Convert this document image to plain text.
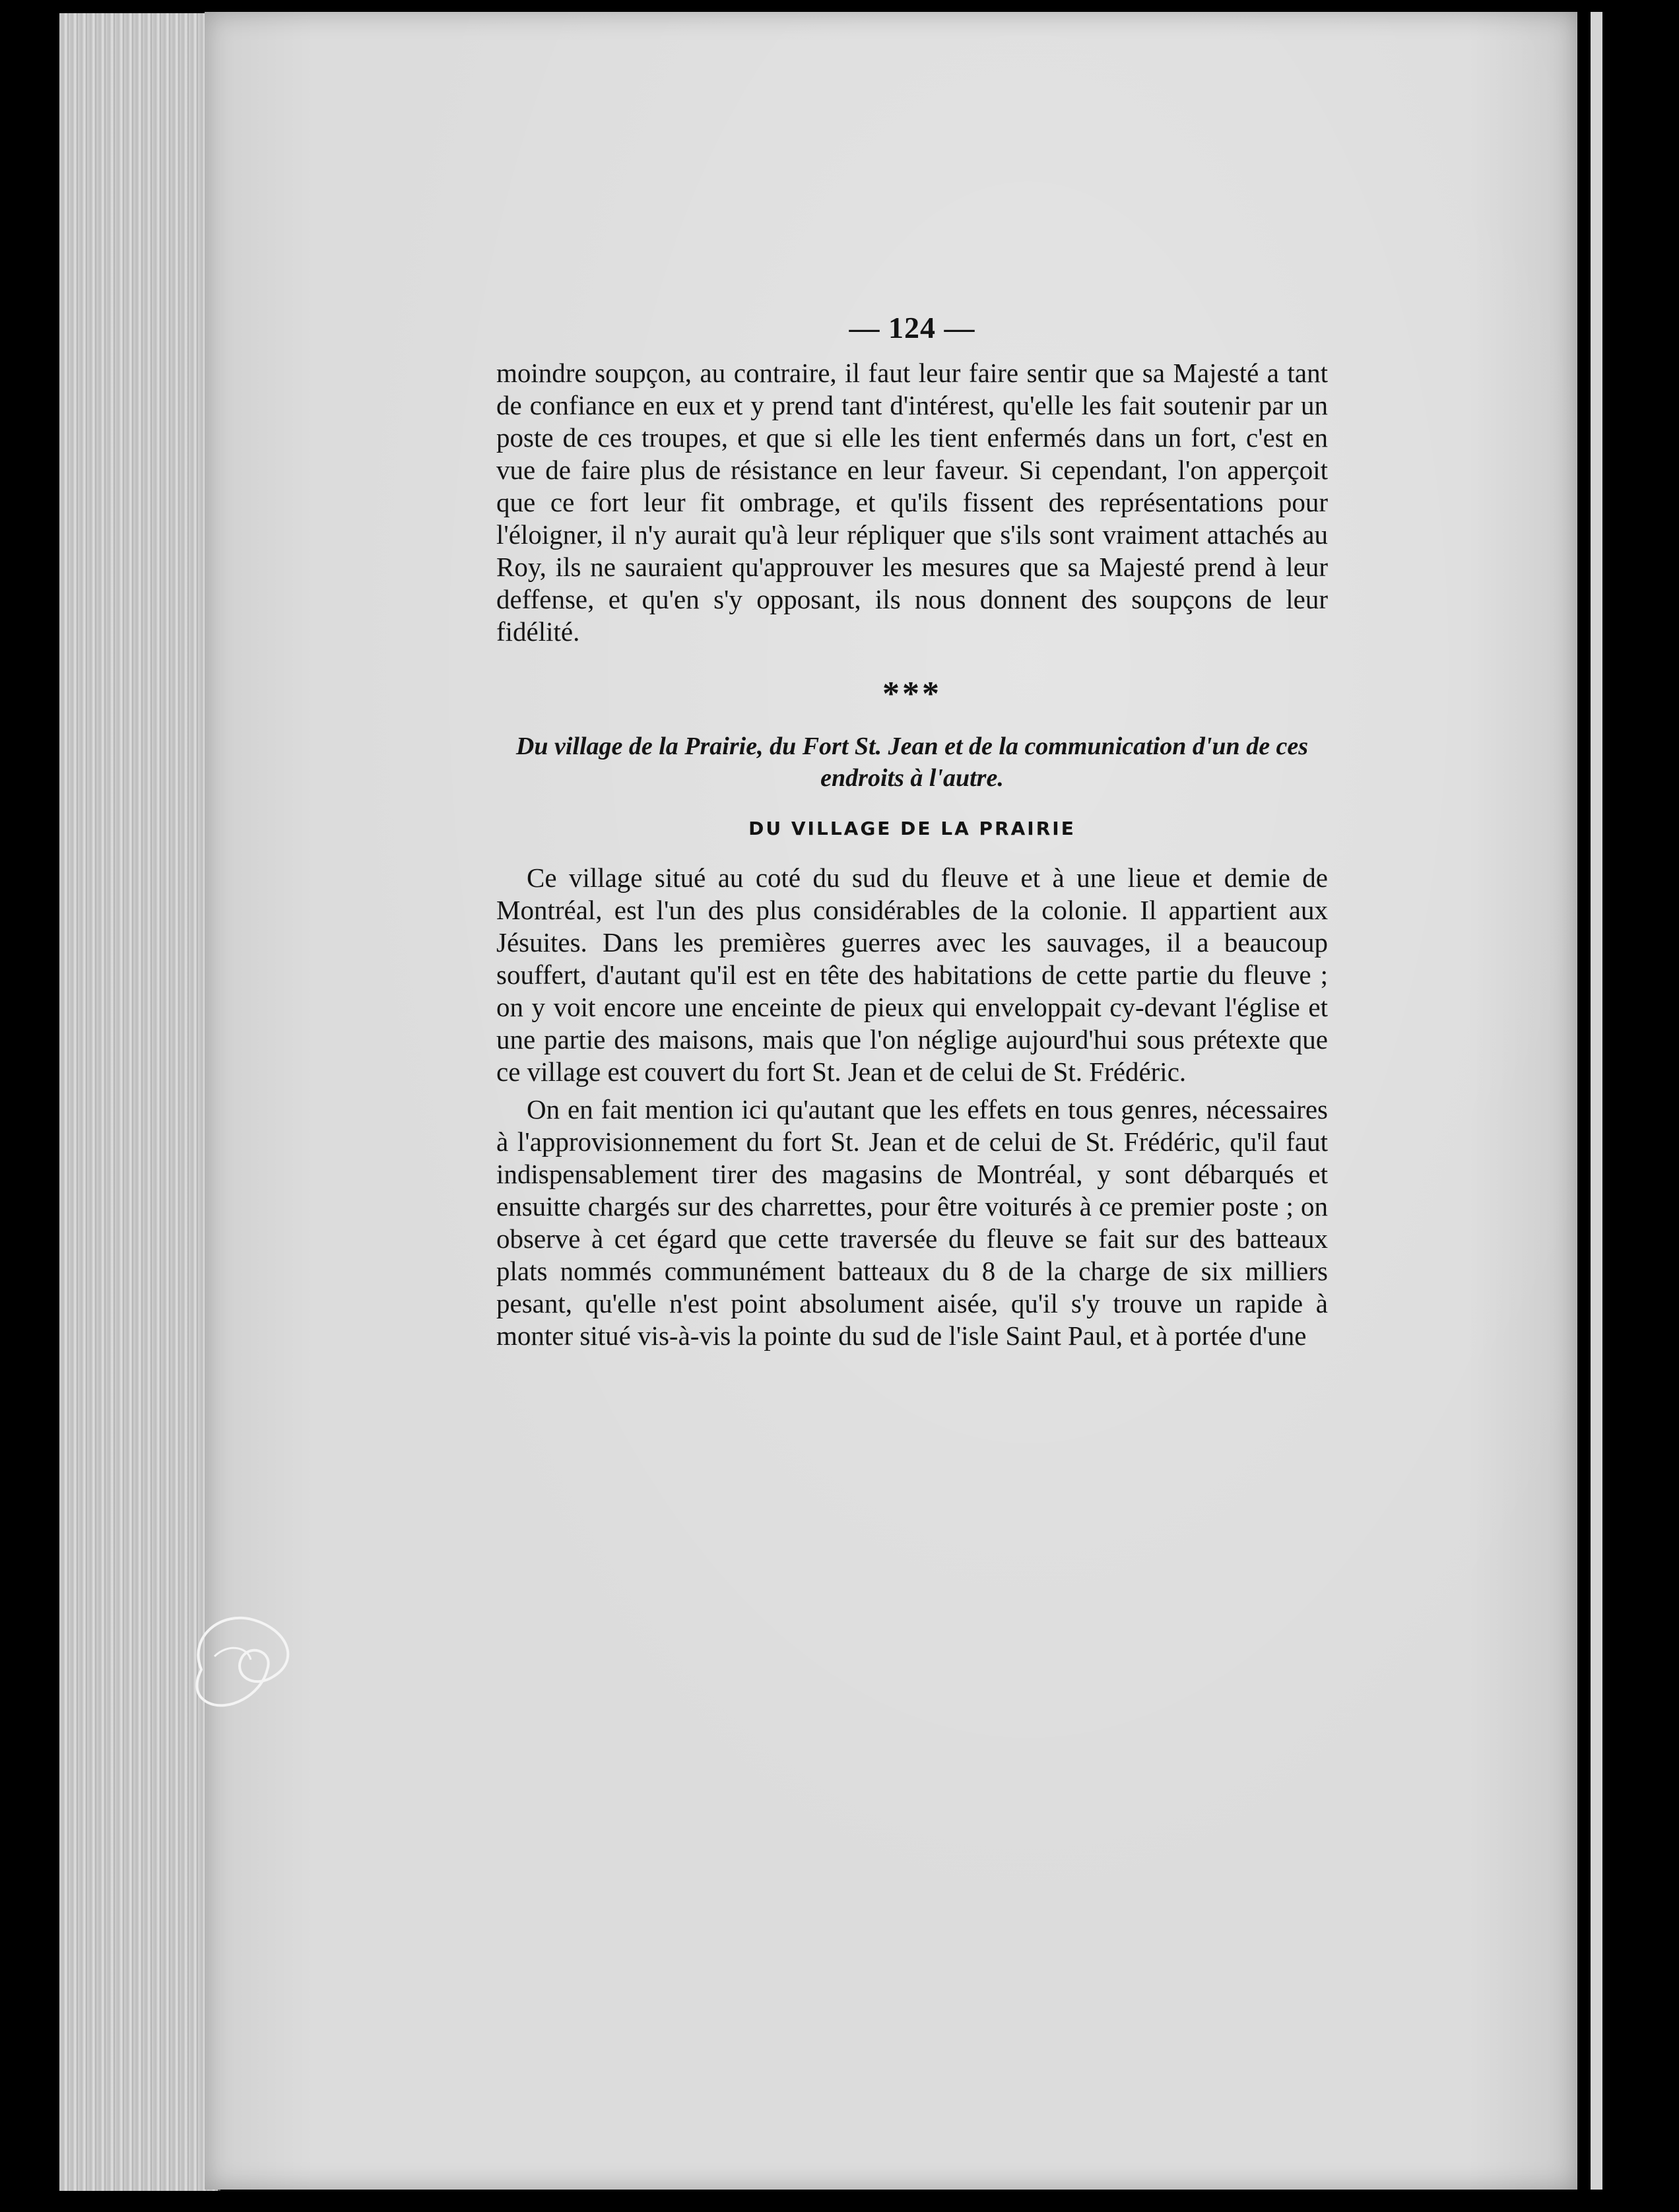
— 124 —

moindre soupçon, au contraire, il faut leur faire sentir que sa Majesté a tant de confiance en eux et y prend tant d'intérest, qu'elle les fait soutenir par un poste de ces troupes, et que si elle les tient enfermés dans un fort, c'est en vue de faire plus de résistance en leur faveur. Si cependant, l'on apperçoit que ce fort leur fit ombrage, et qu'ils fissent des représentations pour l'éloigner, il n'y aurait qu'à leur répliquer que s'ils sont vraiment attachés au Roy, ils ne sauraient qu'approuver les mesures que sa Majesté prend à leur deffense, et qu'en s'y opposant, ils nous donnent des soupçons de leur fidélité.

***

Du village de la Prairie, du Fort St. Jean et de la communication d'un de ces endroits à l'autre.

DU VILLAGE DE LA PRAIRIE

Ce village situé au coté du sud du fleuve et à une lieue et demie de Montréal, est l'un des plus considérables de la colonie. Il appartient aux Jésuites. Dans les premières guerres avec les sauvages, il a beaucoup souffert, d'autant qu'il est en tête des habitations de cette partie du fleuve ; on y voit encore une enceinte de pieux qui enveloppait cy-devant l'église et une partie des maisons, mais que l'on néglige aujourd'hui sous prétexte que ce village est couvert du fort St. Jean et de celui de St. Frédéric.

On en fait mention ici qu'autant que les effets en tous genres, nécessaires à l'approvisionnement du fort St. Jean et de celui de St. Frédéric, qu'il faut indispensablement tirer des magasins de Montréal, y sont débarqués et ensuitte chargés sur des charrettes, pour être voiturés à ce premier poste ; on observe à cet égard que cette traversée du fleuve se fait sur des batteaux plats nommés communément batteaux du 8 de la charge de six milliers pesant, qu'elle n'est point absolument aisée, qu'il s'y trouve un rapide à monter situé vis-à-vis la pointe du sud de l'isle Saint Paul, et à portée d'une
